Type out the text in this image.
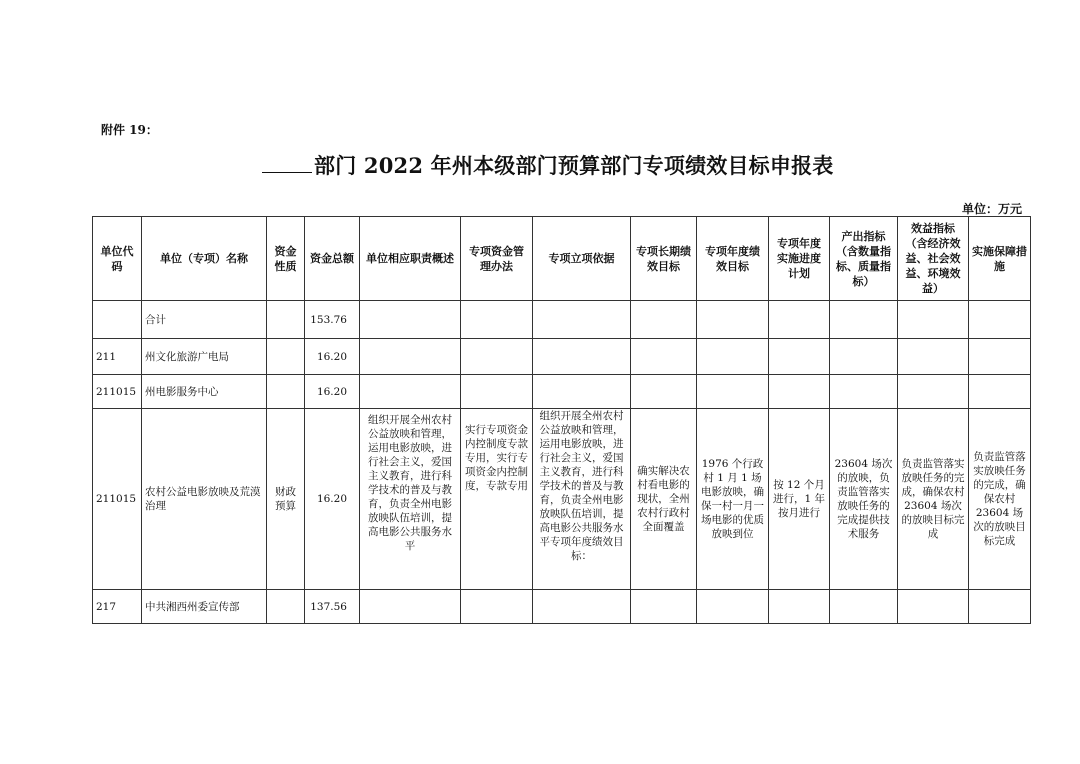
附件 19：
部门 2022 年州本级部门预算部门专项绩效目标申报表
单位：万元
单位代码	单位（专项）名称	资金性质	资金总额	单位相应职责概述	专项资金管理办法	专项立项依据	专项长期绩效目标	专项年度绩效目标	专项年度实施进度计划	产出指标（含数量指标、质量指标）	效益指标（含经济效益、社会效益、环境效益）	实施保障措施
	合计		153.76									
211	州文化旅游广电局		16.20									
211015	州电影服务中心		16.20									
211015	农村公益电影放映及荒漠治理	财政预算	16.20	组织开展全州农村公益放映和管理，运用电影放映，进行社会主义，爱国主义教育，进行科学技术的普及与教育，负责全州电影放映队伍培训，提高电影公共服务水平	实行专项资金内控制度专款专用，实行专项资金内控制度，专款专用	组织开展全州农村公益放映和管理，运用电影放映，进行社会主义，爱国主义教育，进行科学技术的普及与教育，负责全州电影放映队伍培训，提高电影公共服务水平专项年度绩效目标：	确实解决农村看电影的现状，全州农村行政村全面覆盖	1976 个行政村 1 月 1 场电影放映，确保一村一月一场电影的优质放映到位	按 12 个月进行，1 年按月进行	23604 场次的放映，负责监管落实放映任务的完成提供技术服务	负责监管落实放映任务的完成，确保农村 23604 场次的放映目标完成	负责监管落实放映任务的完成，确保农村 23604 场次的放映目标完成
217	中共湘西州委宣传部		137.56									
